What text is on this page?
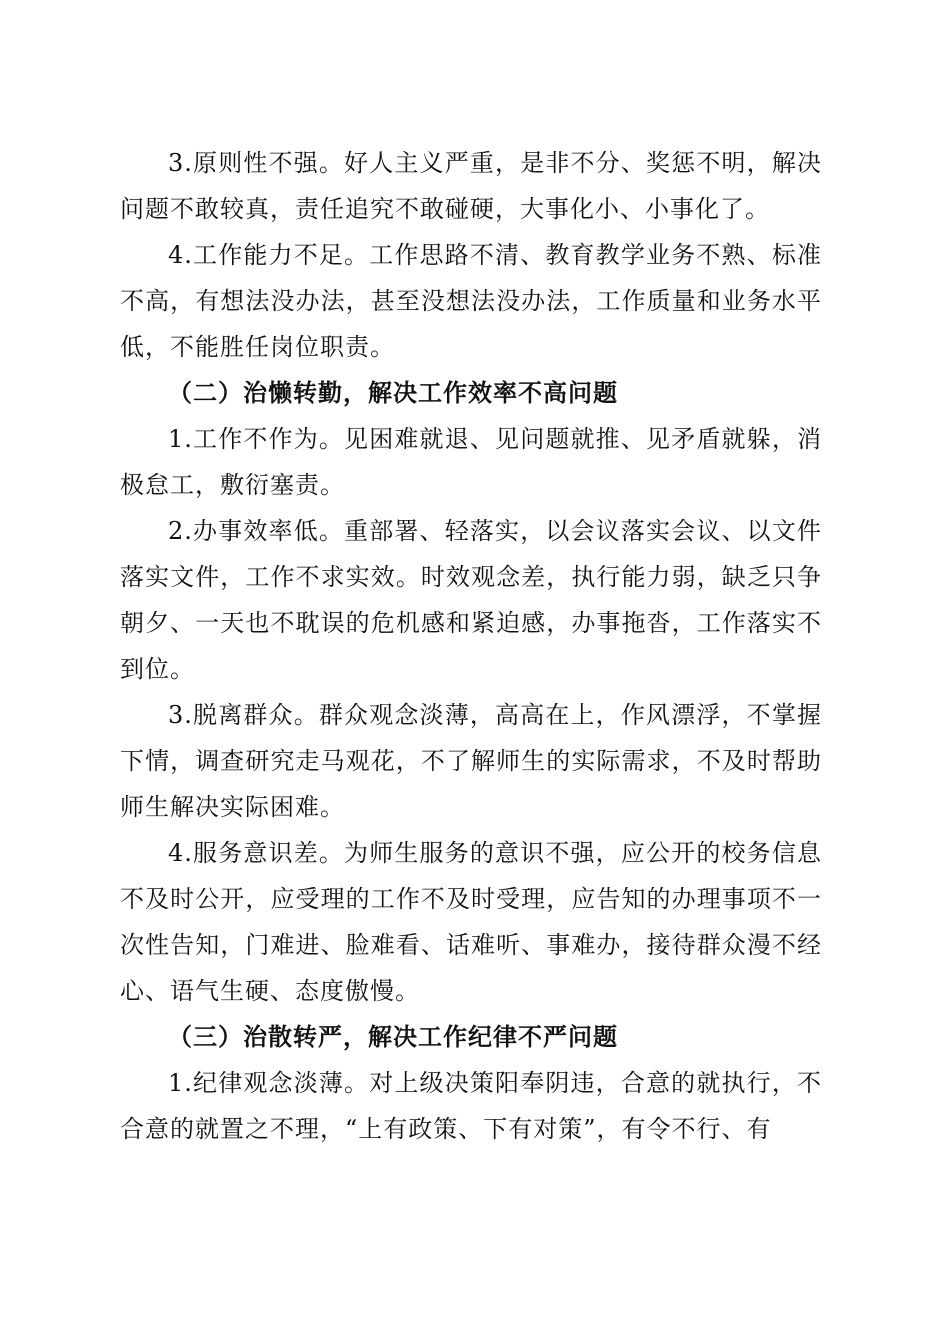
3.原则性不强。好人主义严重，是非不分、奖惩不明，解决问题不敢较真，责任追究不敢碰硬，大事化小、小事化了。

4.工作能力不足。工作思路不清、教育教学业务不熟、标准不高，有想法没办法，甚至没想法没办法，工作质量和业务水平低，不能胜任岗位职责。

（二）治懒转勤，解决工作效率不高问题

1.工作不作为。见困难就退、见问题就推、见矛盾就躲，消极怠工，敷衍塞责。

2.办事效率低。重部署、轻落实，以会议落实会议、以文件落实文件，工作不求实效。时效观念差，执行能力弱，缺乏只争朝夕、一天也不耽误的危机感和紧迫感，办事拖沓，工作落实不到位。

3.脱离群众。群众观念淡薄，高高在上，作风漂浮，不掌握下情，调查研究走马观花，不了解师生的实际需求，不及时帮助师生解决实际困难。

4.服务意识差。为师生服务的意识不强，应公开的校务信息不及时公开，应受理的工作不及时受理，应告知的办理事项不一次性告知，门难进、脸难看、话难听、事难办，接待群众漫不经心、语气生硬、态度傲慢。

（三）治散转严，解决工作纪律不严问题

1.纪律观念淡薄。对上级决策阳奉阴违，合意的就执行，不合意的就置之不理，“上有政策、下有对策”，有令不行、有
